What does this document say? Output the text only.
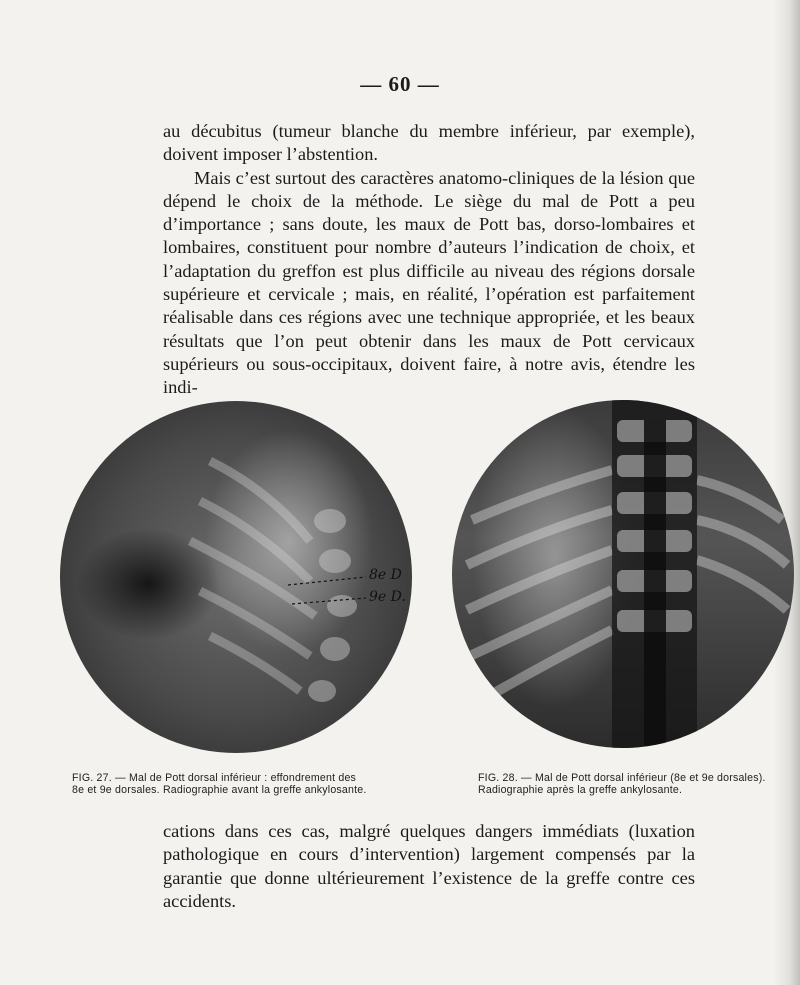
— 60 —

au décubitus (tumeur blanche du membre inférieur, par exemple), doivent imposer l’abstention.

Mais c’est surtout des caractères anatomo-cliniques de la lésion que dépend le choix de la méthode. Le siège du mal de Pott a peu d’importance ; sans doute, les maux de Pott bas, dorso-lombaires et lombaires, constituent pour nombre d’auteurs l’indication de choix, et l’adaptation du greffon est plus difficile au niveau des régions dorsale supérieure et cervicale ; mais, en réalité, l’opération est parfaitement réalisable dans ces régions avec une technique appropriée, et les beaux résultats que l’on peut obtenir dans les maux de Pott cervicaux supérieurs ou sous-occipitaux, doivent faire, à notre avis, étendre les indi-

8e D
9e D.
FIG. 27. — Mal de Pott dorsal inférieur : effondrement des
8e et 9e dorsales. Radiographie avant la greffe ankylosante.
FIG. 28. — Mal de Pott dorsal inférieur (8e et 9e dorsales).
Radiographie après la greffe ankylosante.

cations dans ces cas, malgré quelques dangers immédiats (luxation pathologique en cours d’intervention) largement compensés par la garantie que donne ultérieurement l’existence de la greffe contre ces accidents.
